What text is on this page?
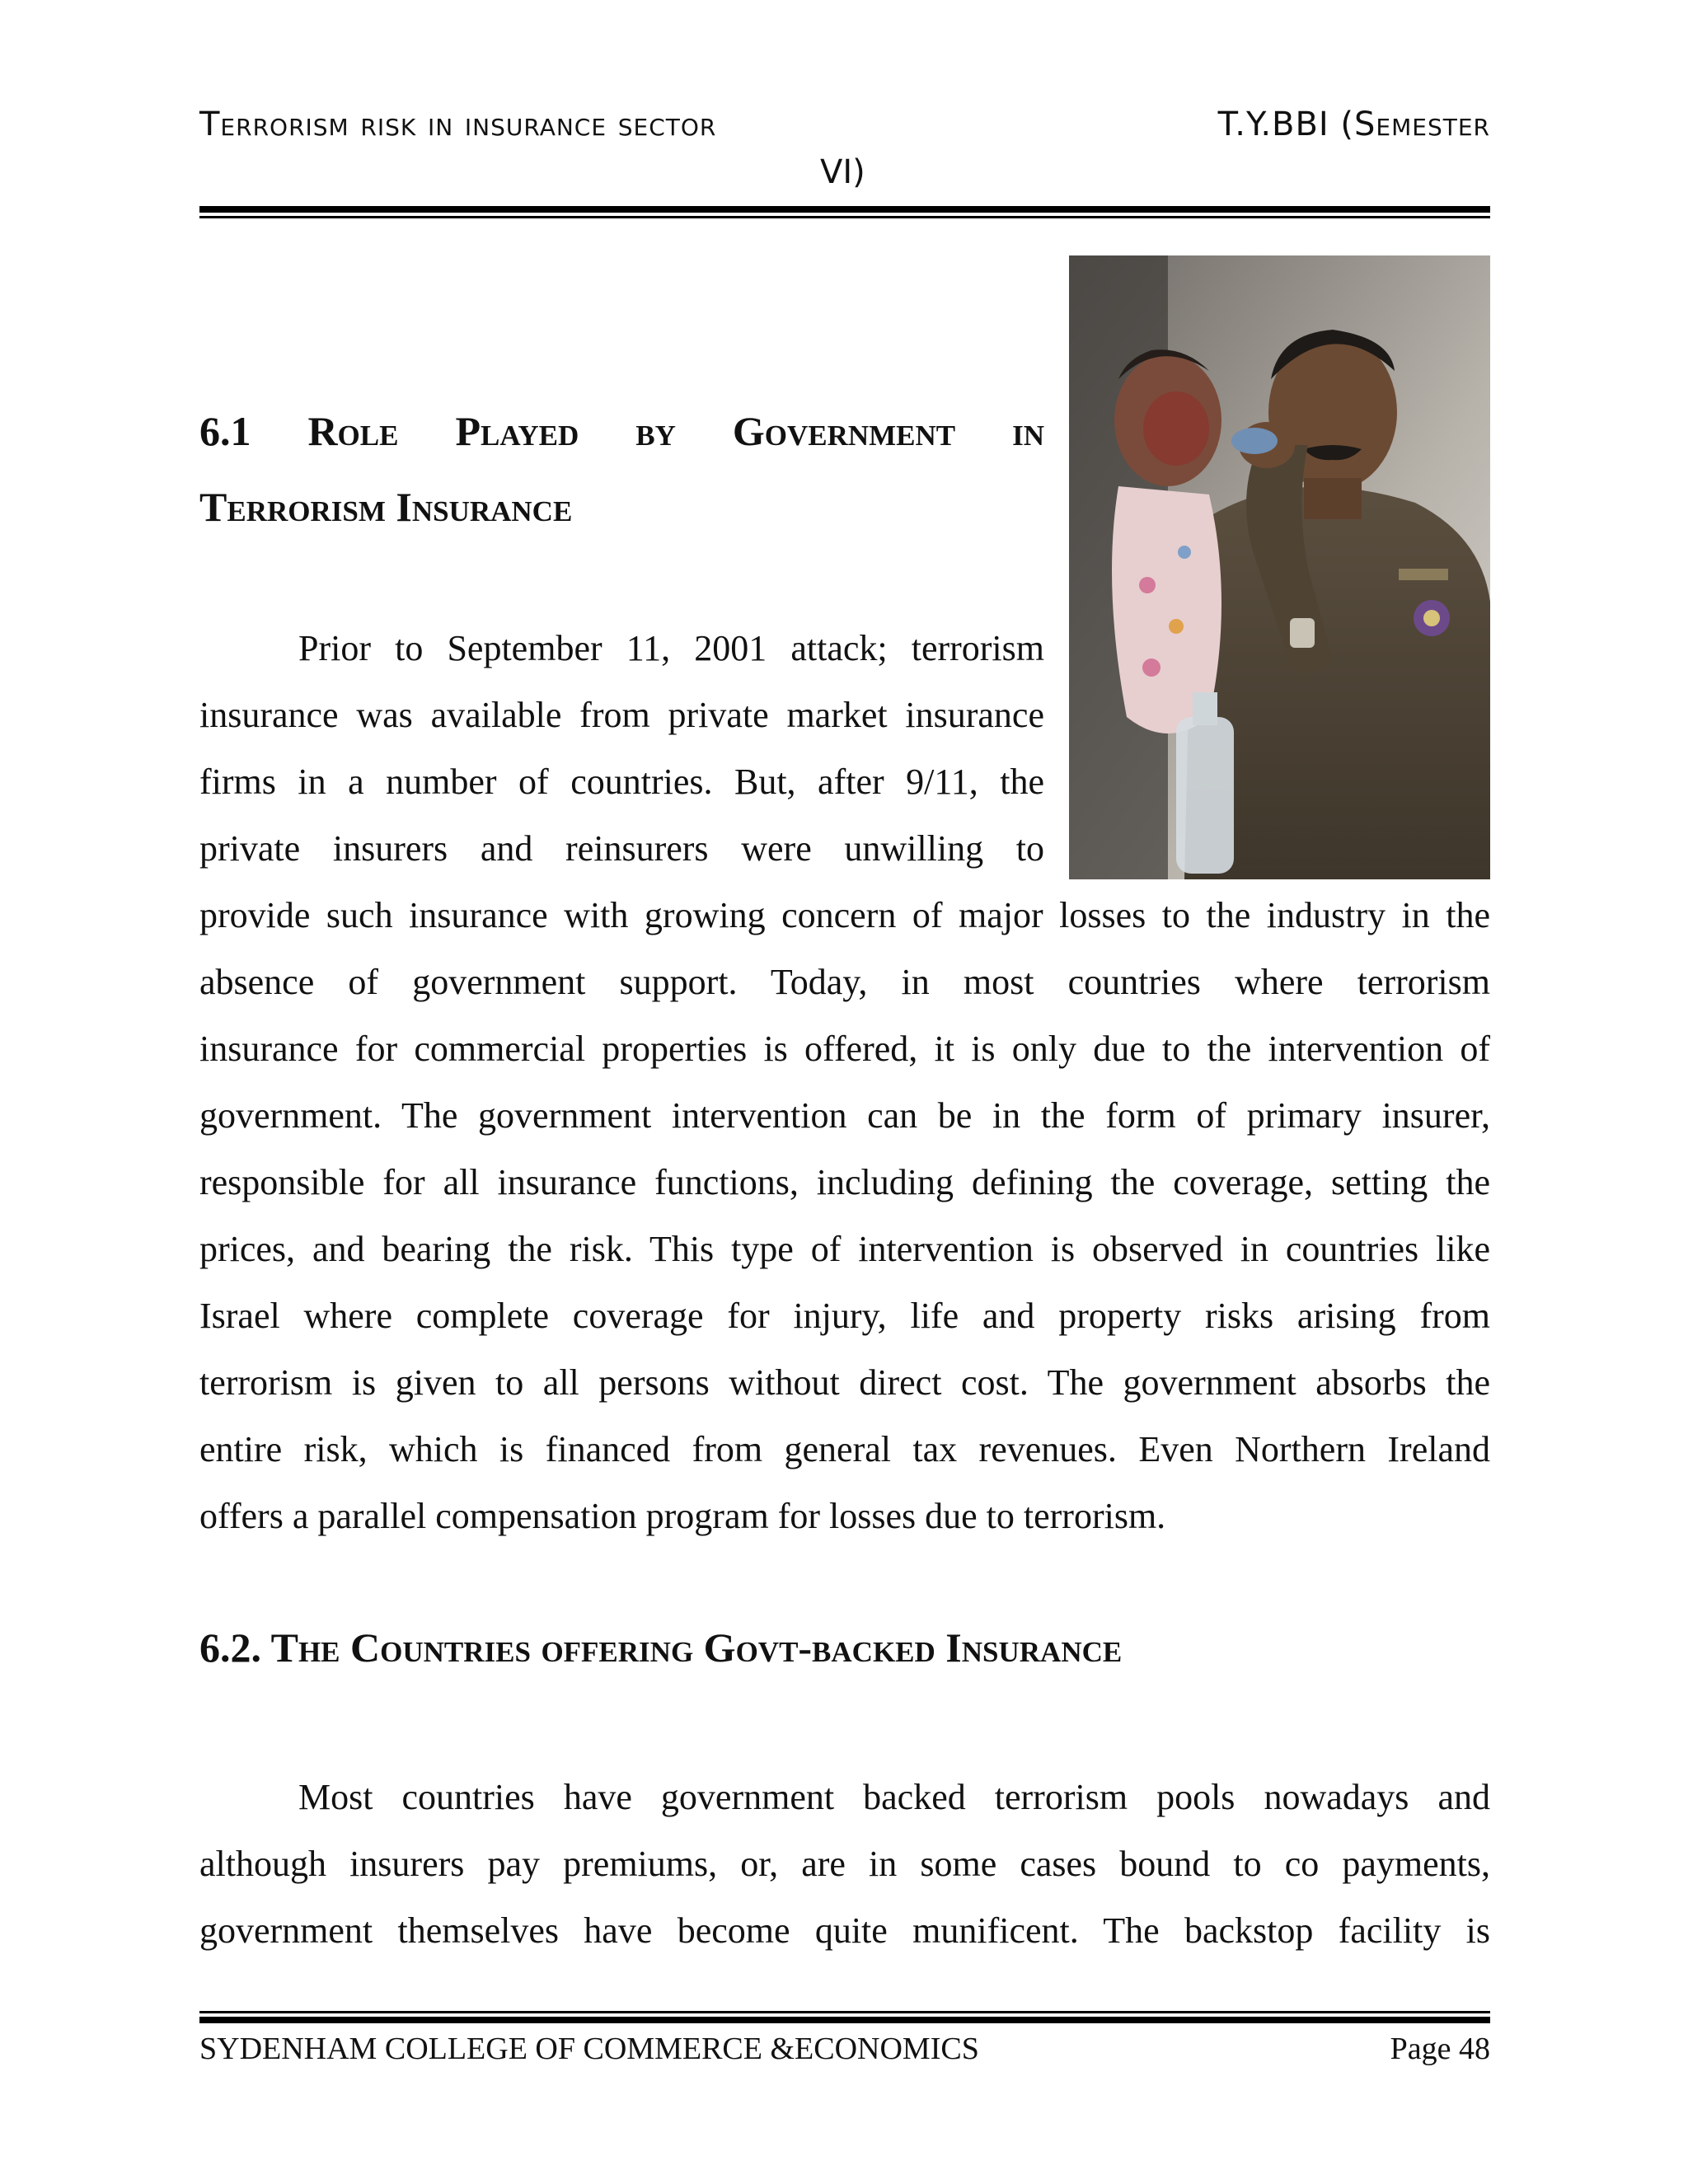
Terrorism risk in insurance sector	T.Y.BBI (Semester
VI)
6.1 Role Played by Government in
Terrorism Insurance
Prior to September 11, 2001 attack; terrorism
insurance was available from private market insurance
firms in a number of countries. But, after 9/11, the
private insurers and reinsurers were unwilling to
provide such insurance with growing concern of major losses to the industry in the
absence of government support. Today, in most countries where terrorism
insurance for commercial properties is offered, it is only due to the intervention of
government. The government intervention can be in the form of primary insurer,
responsible for all insurance functions, including defining the coverage, setting the
prices, and bearing the risk. This type of intervention is observed in countries like
Israel where complete coverage for injury, life and property risks arising from
terrorism is given to all persons without direct cost. The government absorbs the
entire risk, which is financed from general tax revenues. Even Northern Ireland
offers a parallel compensation program for losses due to terrorism.
6.2. The Countries offering Govt-backed Insurance
Most countries have government backed terrorism pools nowadays and
although insurers pay premiums, or, are in some cases bound to co payments,
government themselves have become quite munificent. The backstop facility is
SYDENHAM COLLEGE OF COMMERCE &ECONOMICS	Page 48
